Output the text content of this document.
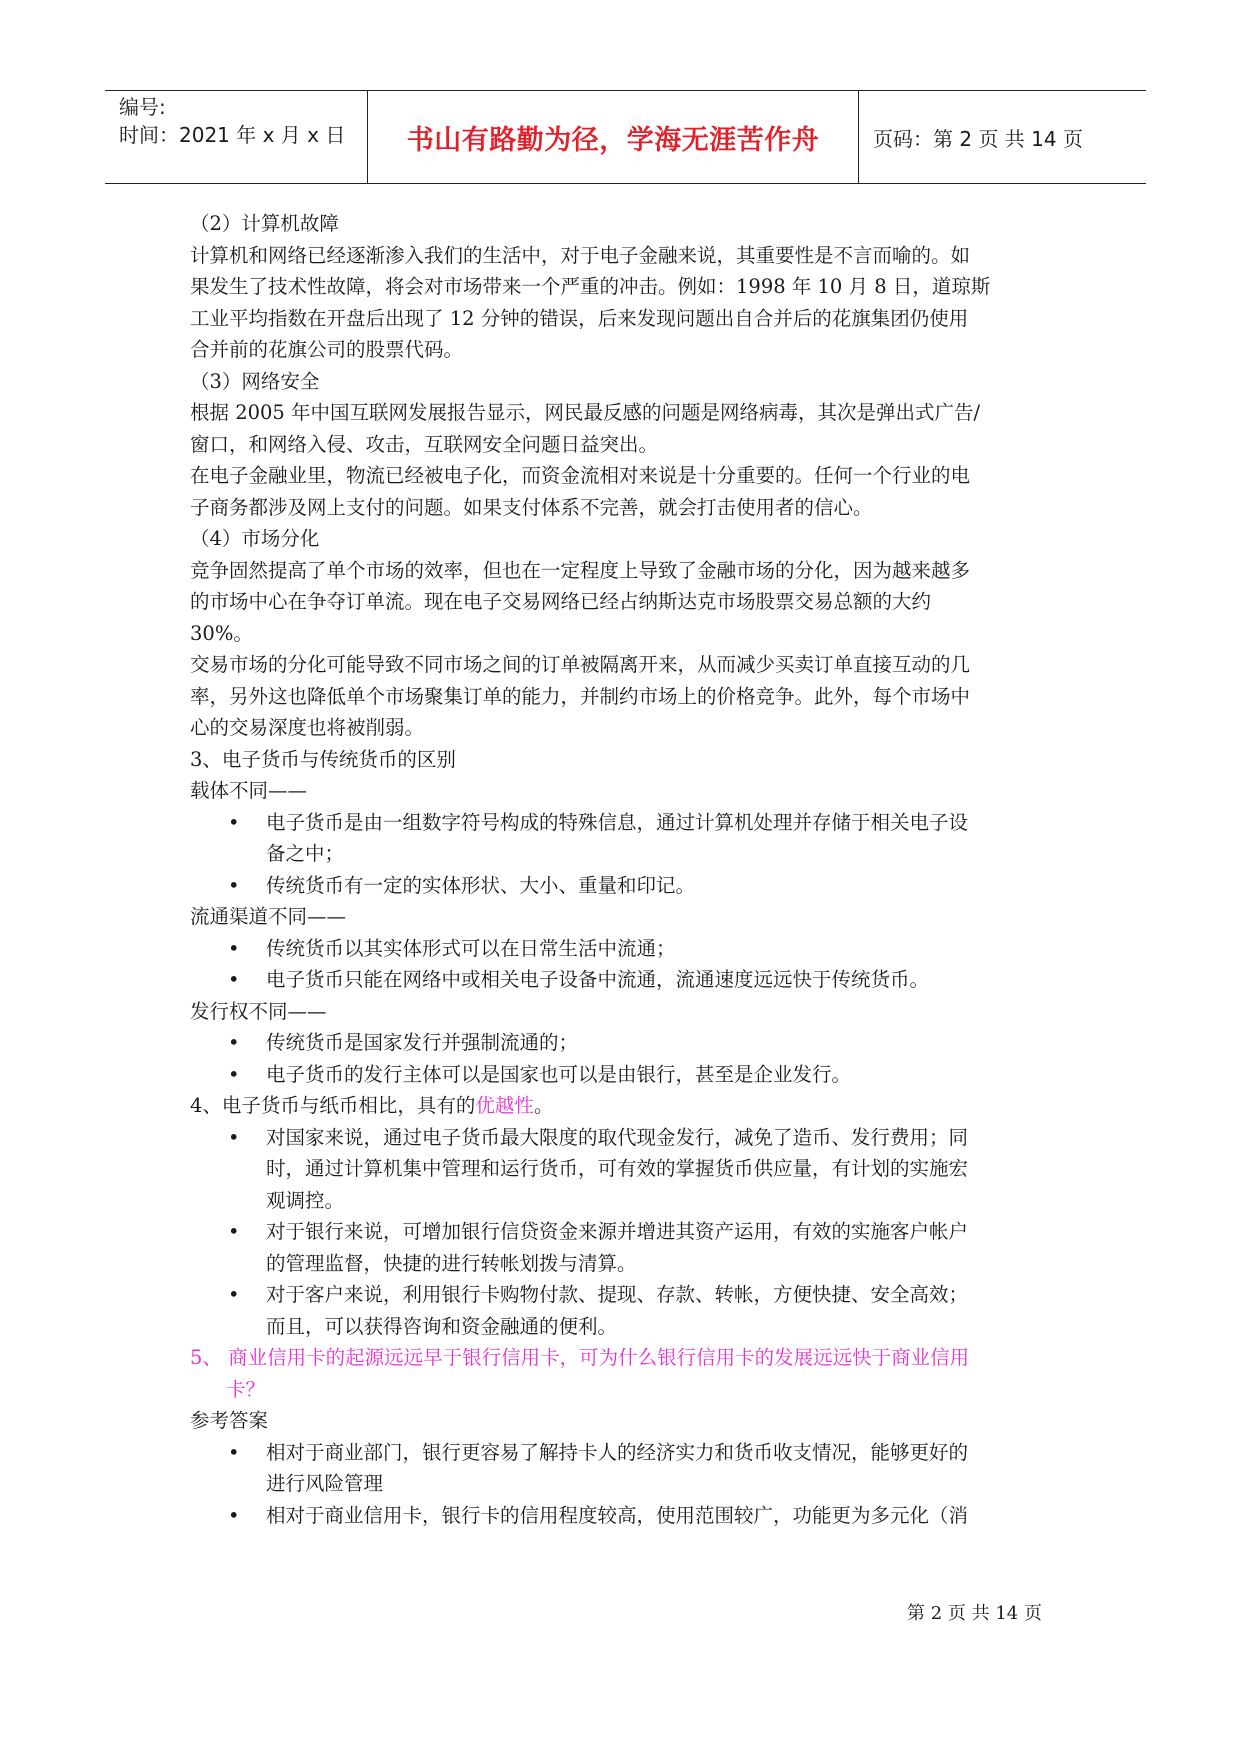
编号:
时间：2021 年 x 月 x 日	书山有路勤为径，学海无涯苦作舟	页码：第 2 页 共 14 页
（2）计算机故障
计算机和网络已经逐渐渗入我们的生活中，对于电子金融来说，其重要性是不言而喻的。如
果发生了技术性故障，将会对市场带来一个严重的冲击。例如：1998 年 10 月 8 日，道琼斯
工业平均指数在开盘后出现了 12 分钟的错误，后来发现问题出自合并后的花旗集团仍使用
合并前的花旗公司的股票代码。
（3）网络安全
根据 2005 年中国互联网发展报告显示，网民最反感的问题是网络病毒，其次是弹出式广告/
窗口，和网络入侵、攻击，互联网安全问题日益突出。
在电子金融业里，物流已经被电子化，而资金流相对来说是十分重要的。任何一个行业的电
子商务都涉及网上支付的问题。如果支付体系不完善，就会打击使用者的信心。
（4）市场分化
竞争固然提高了单个市场的效率，但也在一定程度上导致了金融市场的分化，因为越来越多
的市场中心在争夺订单流。现在电子交易网络已经占纳斯达克市场股票交易总额的大约
30%。
交易市场的分化可能导致不同市场之间的订单被隔离开来，从而减少买卖订单直接互动的几
率，另外这也降低单个市场聚集订单的能力，并制约市场上的价格竞争。此外，每个市场中
心的交易深度也将被削弱。
3、电子货币与传统货币的区别
载体不同——
• 电子货币是由一组数字符号构成的特殊信息，通过计算机处理并存储于相关电子设
备之中；
• 传统货币有一定的实体形状、大小、重量和印记。
流通渠道不同——
• 传统货币以其实体形式可以在日常生活中流通；
• 电子货币只能在网络中或相关电子设备中流通，流通速度远远快于传统货币。
发行权不同——
• 传统货币是国家发行并强制流通的；
• 电子货币的发行主体可以是国家也可以是由银行，甚至是企业发行。
4、电子货币与纸币相比，具有的优越性。
• 对国家来说，通过电子货币最大限度的取代现金发行，减免了造币、发行费用；同
时，通过计算机集中管理和运行货币，可有效的掌握货币供应量，有计划的实施宏
观调控。
• 对于银行来说，可增加银行信贷资金来源并增进其资产运用，有效的实施客户帐户
的管理监督，快捷的进行转帐划拨与清算。
• 对于客户来说，利用银行卡购物付款、提现、存款、转帐，方便快捷、安全高效；
而且，可以获得咨询和资金融通的便利。
5、 商业信用卡的起源远远早于银行信用卡，可为什么银行信用卡的发展远远快于商业信用
卡？
参考答案
• 相对于商业部门，银行更容易了解持卡人的经济实力和货币收支情况，能够更好的
进行风险管理
• 相对于商业信用卡，银行卡的信用程度较高，使用范围较广，功能更为多元化（消
第 2 页 共 14 页
